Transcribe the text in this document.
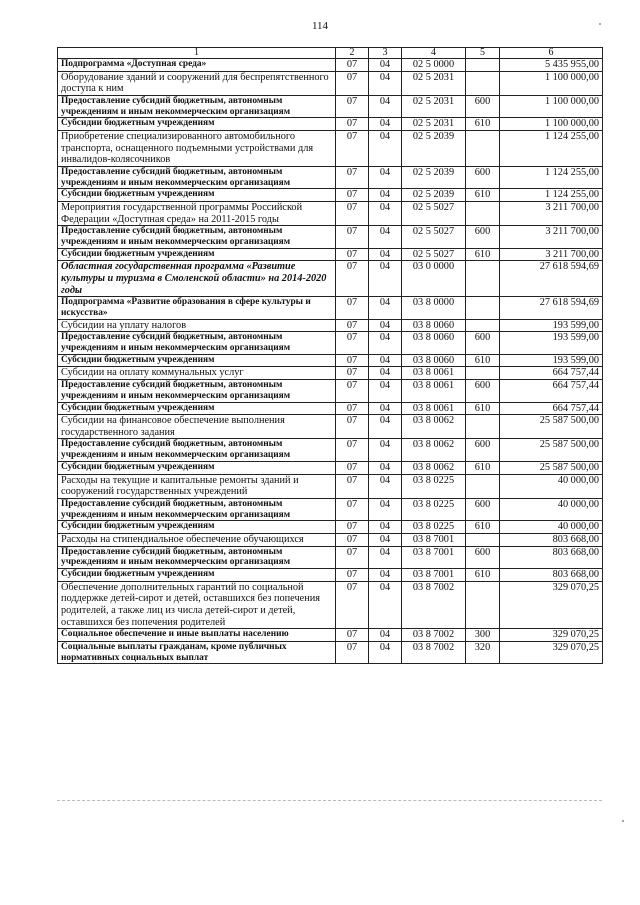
114
1	2	3	4	5	6
Подпрограмма «Доступная среда»	07	04	02 5 0000		5 435 955,00
Оборудование зданий и сооружений для беспрепятственного доступа к ним	07	04	02 5 2031		1 100 000,00
Предоставление субсидий бюджетным, автономным учреждениям и иным некоммерческим организациям	07	04	02 5 2031	600	1 100 000,00
Субсидии бюджетным учреждениям	07	04	02 5 2031	610	1 100 000,00
Приобретение специализированного автомобильного транспорта, оснащенного подъемными устройствами для инвалидов-колясочников	07	04	02 5 2039		1 124 255,00
Предоставление субсидий бюджетным, автономным учреждениям и иным некоммерческим организациям	07	04	02 5 2039	600	1 124 255,00
Субсидии бюджетным учреждениям	07	04	02 5 2039	610	1 124 255,00
Мероприятия государственной программы Российской Федерации «Доступная среда» на 2011-2015 годы	07	04	02 5 5027		3 211 700,00
Предоставление субсидий бюджетным, автономным учреждениям и иным некоммерческим организациям	07	04	02 5 5027	600	3 211 700,00
Субсидии бюджетным учреждениям	07	04	02 5 5027	610	3 211 700,00
Областная государственная программа «Развитие культуры и туризма в Смоленской области» на 2014-2020 годы	07	04	03 0 0000		27 618 594,69
Подпрограмма «Развитие образования в сфере культуры и искусства»	07	04	03 8 0000		27 618 594,69
Субсидии на уплату налогов	07	04	03 8 0060		193 599,00
Предоставление субсидий бюджетным, автономным учреждениям и иным некоммерческим организациям	07	04	03 8 0060	600	193 599,00
Субсидии бюджетным учреждениям	07	04	03 8 0060	610	193 599,00
Субсидии на оплату коммунальных услуг	07	04	03 8 0061		664 757,44
Предоставление субсидий бюджетным, автономным учреждениям и иным некоммерческим организациям	07	04	03 8 0061	600	664 757,44
Субсидии бюджетным учреждениям	07	04	03 8 0061	610	664 757,44
Субсидии на финансовое обеспечение выполнения государственного задания	07	04	03 8 0062		25 587 500,00
Предоставление субсидий бюджетным, автономным учреждениям и иным некоммерческим организациям	07	04	03 8 0062	600	25 587 500,00
Субсидии бюджетным учреждениям	07	04	03 8 0062	610	25 587 500,00
Расходы на текущие и капитальные ремонты зданий и сооружений государственных учреждений	07	04	03 8 0225		40 000,00
Предоставление субсидий бюджетным, автономным учреждениям и иным некоммерческим организациям	07	04	03 8 0225	600	40 000,00
Субсидии бюджетным учреждениям	07	04	03 8 0225	610	40 000,00
Расходы на стипендиальное обеспечение обучающихся	07	04	03 8 7001		803 668,00
Предоставление субсидий бюджетным, автономным учреждениям и иным некоммерческим организациям	07	04	03 8 7001	600	803 668,00
Субсидии бюджетным учреждениям	07	04	03 8 7001	610	803 668,00
Обеспечение дополнительных гарантий по социальной поддержке детей-сирот и детей, оставшихся без попечения родителей, а также лиц из числа детей-сирот и детей, оставшихся без попечения родителей	07	04	03 8 7002		329 070,25
Социальное обеспечение и иные выплаты населению	07	04	03 8 7002	300	329 070,25
Социальные выплаты гражданам, кроме публичных нормативных социальных выплат	07	04	03 8 7002	320	329 070,25
